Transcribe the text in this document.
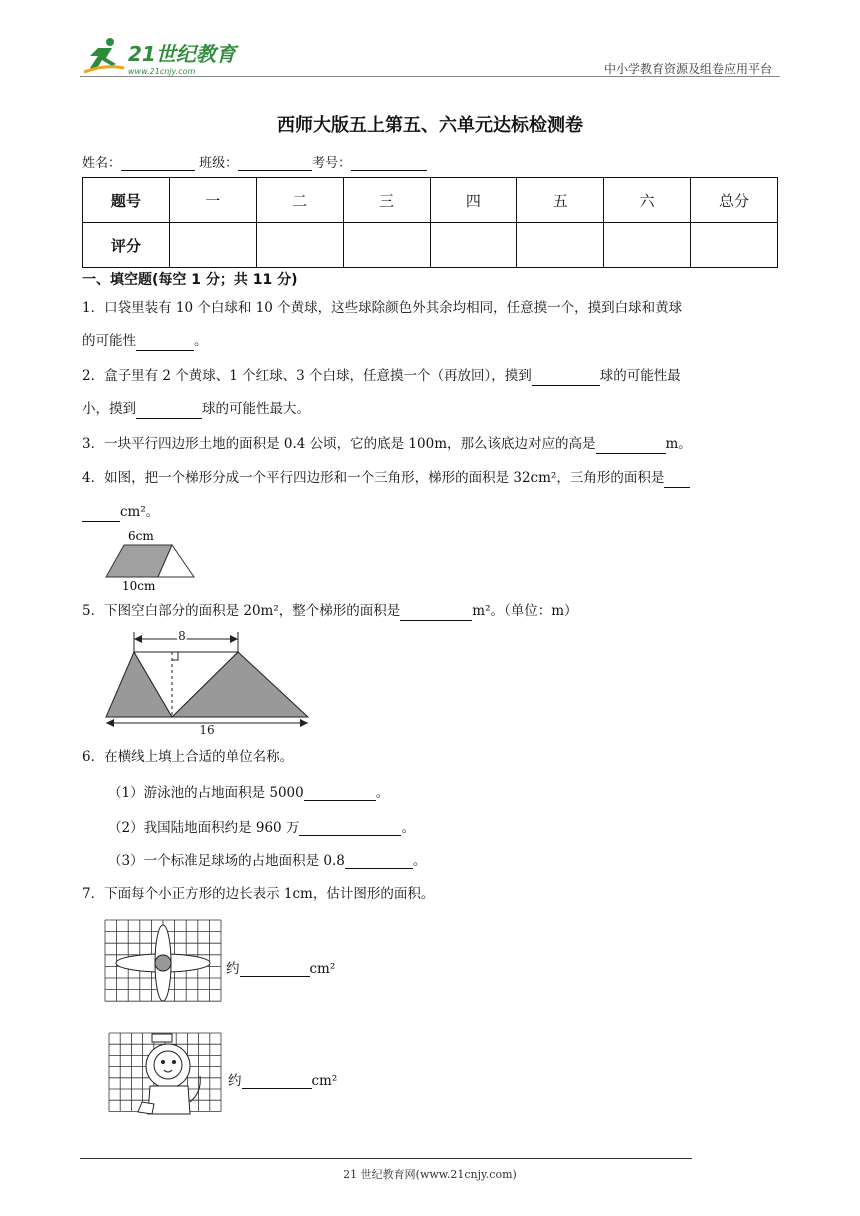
21世纪教育
www.21cnjy.com	中小学教育资源及组卷应用平台
西师大版五上第五、六单元达标检测卷
姓名：	班级：	考号：
题号	一	二	三	四	五	六	总分
评分							
一、填空题(每空 1 分；共 11 分)
1．口袋里装有 10 个白球和 10 个黄球，这些球除颜色外其余均相同，任意摸一个，摸到白球和黄球
的可能性	。
2．盒子里有 2 个黄球、1 个红球、3 个白球，任意摸一个（再放回），摸到	球的可能性最
小，摸到	球的可能性最大。
3．一块平行四边形土地的面积是 0.4 公顷，它的底是 100m，那么该底边对应的高是	m。
4．如图，把一个梯形分成一个平行四边形和一个三角形，梯形的面积是 32cm²，三角形的面积是
cm²。
6cm
10cm
5．下图空白部分的面积是 20m²，整个梯形的面积是	m²。（单位：m）
8
16
6．在横线上填上合适的单位名称。
（1）游泳池的占地面积是 5000	。
（2）我国陆地面积约是 960 万	。
（3）一个标准足球场的占地面积是 0.8	。
7．下面每个小正方形的边长表示 1cm，估计图形的面积。
约	cm²
约	cm²
21 世纪教育网(www.21cnjy.com)
